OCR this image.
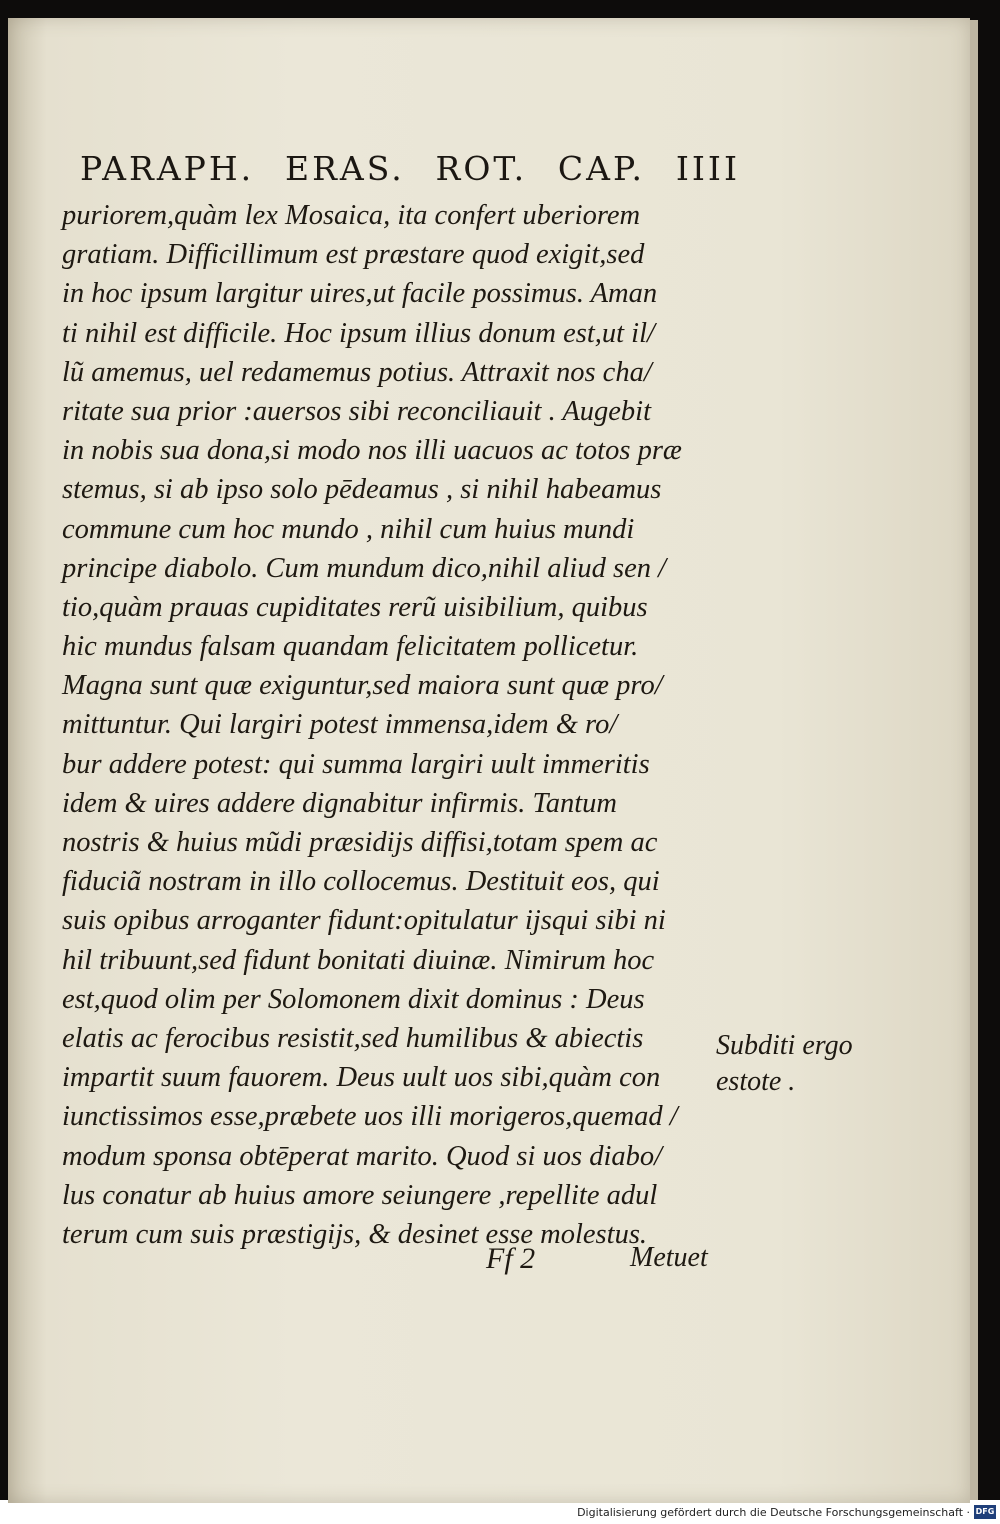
PARAPH. ERAS. ROT. CAP. IIII
puriorem,quàm lex Mosaica, ita confert uberiorem
gratiam. Difficillimum est præstare quod exigit,sed
in hoc ipsum largitur uires,ut facile possimus. Aman
ti nihil est difficile. Hoc ipsum illius donum est,ut il/
lũ amemus, uel redamemus potius. Attraxit nos cha/
ritate sua prior :auersos sibi reconciliauit . Augebit
in nobis sua dona,si modo nos illi uacuos ac totos præ
stemus, si ab ipso solo pēdeamus , si nihil habeamus
commune cum hoc mundo , nihil cum huius mundi
principe diabolo. Cum mundum dico,nihil aliud sen /
tio,quàm prauas cupiditates rerũ uisibilium, quibus
hic mundus falsam quandam felicitatem pollicetur.
Magna sunt quæ exiguntur,sed maiora sunt quæ pro/
mittuntur. Qui largiri potest immensa,idem & ro/
bur addere potest: qui summa largiri uult immeritis
idem & uires addere dignabitur infirmis. Tantum
nostris & huius mũdi præsidijs diffisi,totam spem ac
fiduciã nostram in illo collocemus. Destituit eos, qui
suis opibus arroganter fidunt:opitulatur ijsqui sibi ni
hil tribuunt,sed fidunt bonitati diuinæ. Nimirum hoc
est,quod olim per Solomonem dixit dominus : Deus
elatis ac ferocibus resistit,sed humilibus & abiectis
impartit suum fauorem. Deus uult uos sibi,quàm con
iunctissimos esse,præbete uos illi morigeros,quemad /
modum sponsa obtēperat marito. Quod si uos diabo/
lus conatur ab huius amore seiungere ,repellite adul
terum cum suis præstigijs, & desinet esse molestus.
Subditi ergo
estote .
Ff 2	Metuet
Digitalisierung gefördert durch die Deutsche Forschungsgemeinschaft · DFG
